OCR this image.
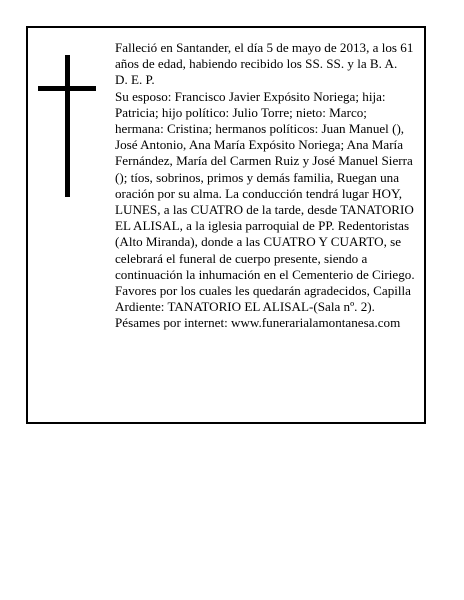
Falleció en Santander, el día 5 de mayo de 2013, a los 61 años de edad, habiendo recibido los SS. SS. y la B. A.

D. E. P.

Su esposo: Francisco Javier Expósito Noriega; hija: Patricia; hijo político: Julio Torre; nieto: Marco; hermana: Cristina; hermanos políticos: Juan Manuel (), José Antonio, Ana María Expósito Noriega; Ana María Fernández, María del Carmen Ruiz y José Manuel Sierra (); tíos, sobrinos, primos y demás familia, Ruegan una oración por su alma. La conducción tendrá lugar HOY, LUNES, a las CUATRO de la tarde, desde TANATORIO EL ALISAL, a la iglesia parroquial de PP. Redentoristas (Alto Miranda), donde a las CUATRO Y CUARTO, se celebrará el funeral de cuerpo presente, siendo a continuación la inhumación en el Cementerio de Ciriego. Favores por los cuales les quedarán agradecidos, Capilla Ardiente: TANATORIO EL ALISAL-(Sala nº. 2).

Pésames por internet: www.funerarialamontanesa.com
